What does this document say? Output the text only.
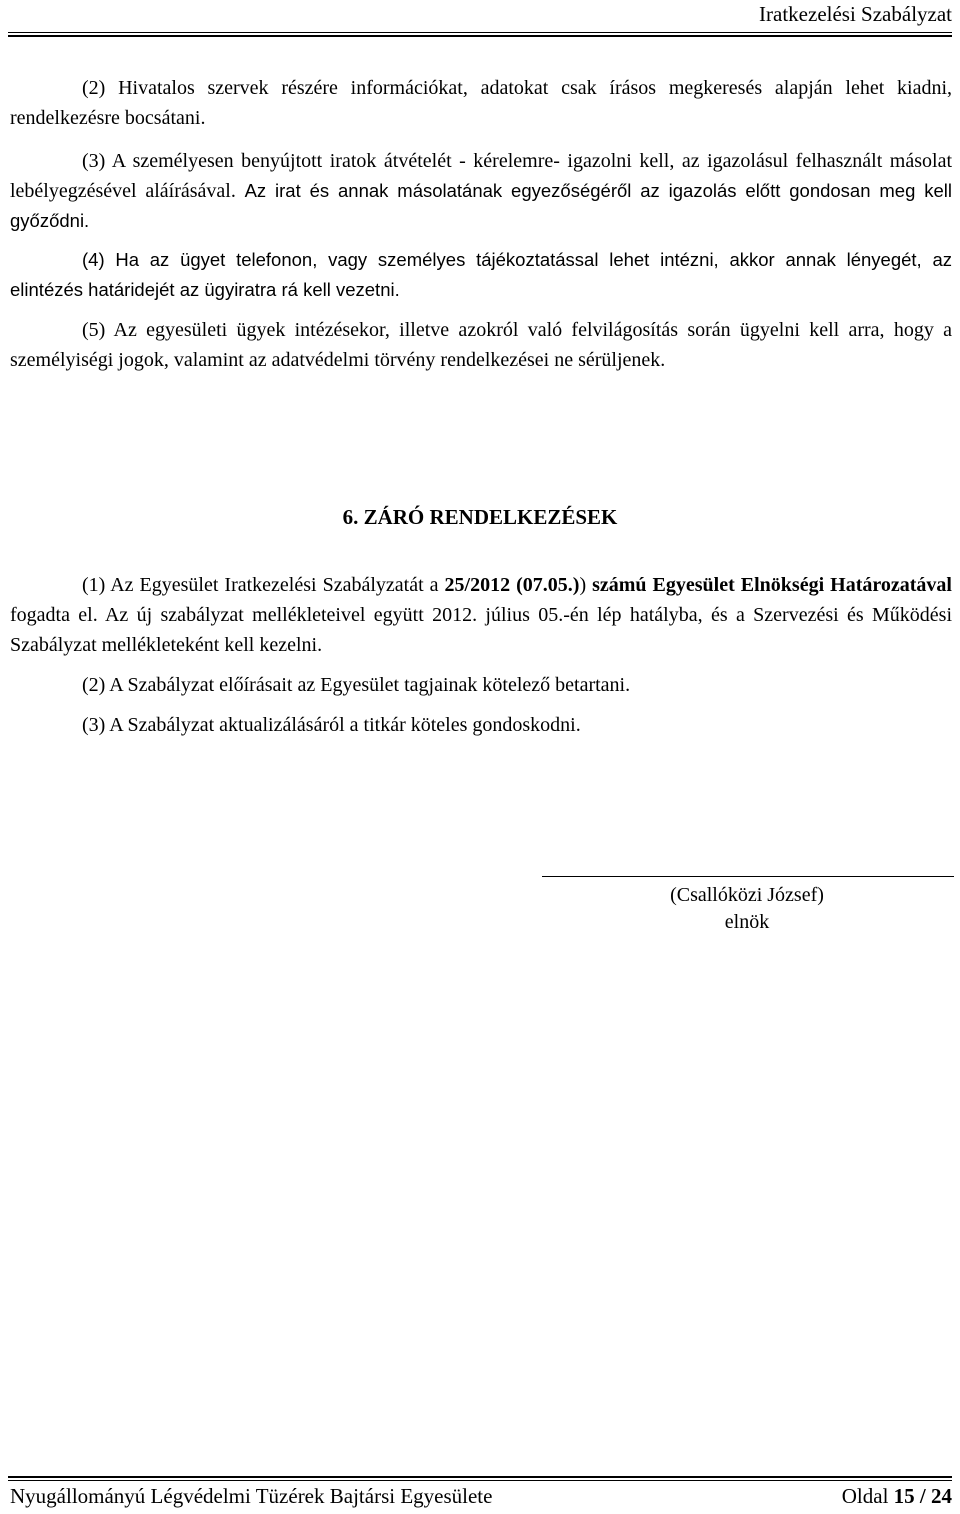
Iratkezelési Szabályzat

(2) Hivatalos szervek részére információkat, adatokat csak írásos megkeresés alapján lehet kiadni, rendelkezésre bocsátani.

(3) A személyesen benyújtott iratok átvételét - kérelemre- igazolni kell, az igazolásul felhasznált másolat lebélyegzésével aláírásával. Az irat és annak másolatának egyezőségéről az igazolás előtt gondosan meg kell győződni.

(4) Ha az ügyet telefonon, vagy személyes tájékoztatással lehet intézni, akkor annak lényegét, az elintézés határidejét az ügyiratra rá kell vezetni.

(5) Az egyesületi ügyek intézésekor, illetve azokról való felvilágosítás során ügyelni kell arra, hogy a személyiségi jogok, valamint az adatvédelmi törvény rendelkezései ne sérüljenek.

6. ZÁRÓ RENDELKEZÉSEK

(1) Az Egyesület Iratkezelési Szabályzatát a 25/2012 (07.05.)) számú Egyesület Elnökségi Határozatával fogadta el. Az új szabályzat mellékleteivel együtt 2012. július 05.-én lép hatályba, és a Szervezési és Működési Szabályzat mellékleteként kell kezelni.

(2) A Szabályzat előírásait az Egyesület tagjainak kötelező betartani.

(3) A Szabályzat aktualizálásáról a titkár köteles gondoskodni.

(Csallóközi József)
elnök
Nyugállományú Légvédelmi Tüzérek Bajtársi Egyesülete	Oldal 15 / 24
